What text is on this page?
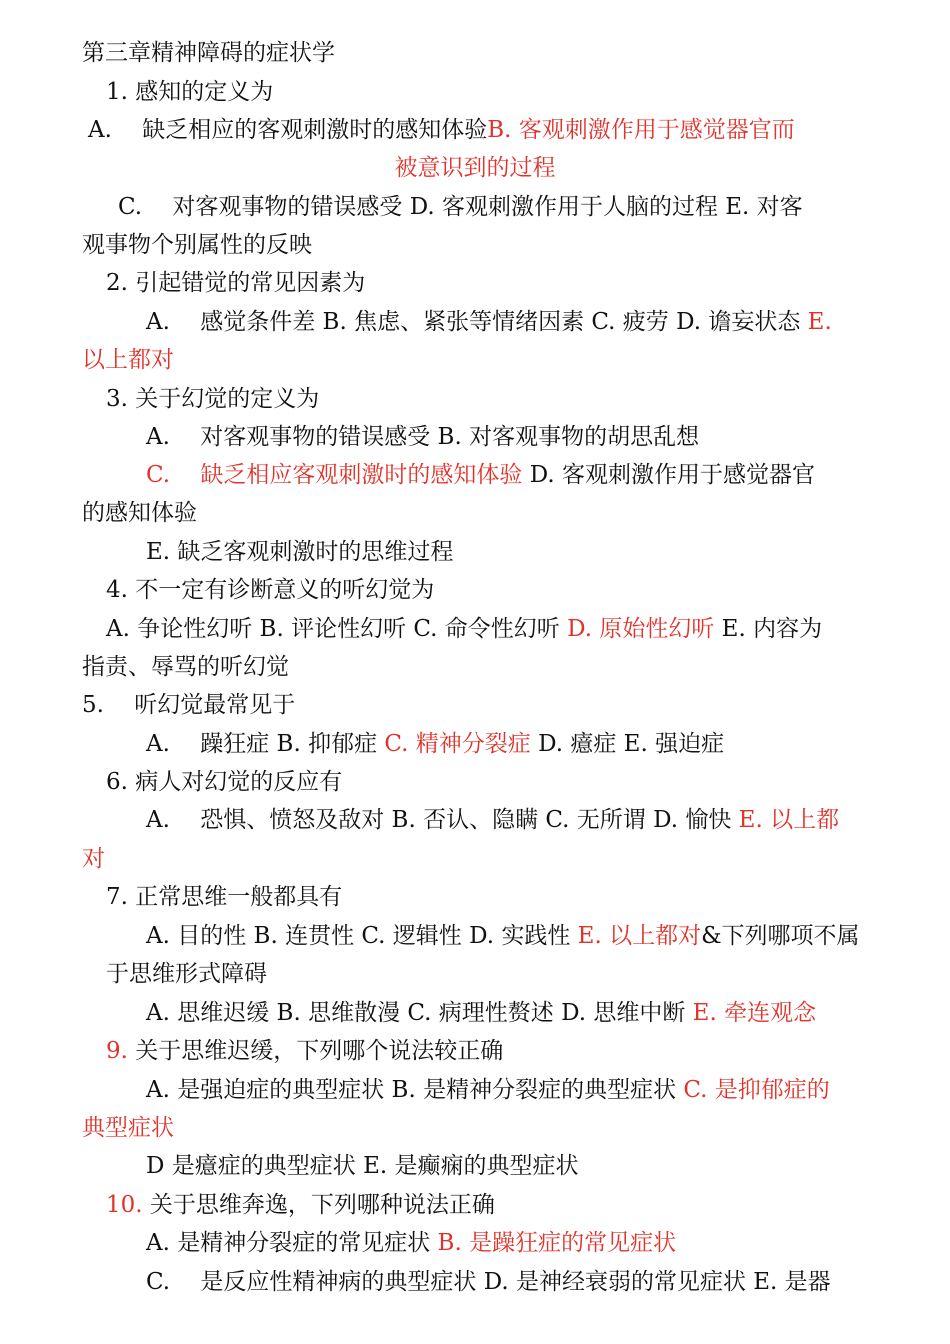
第三章精神障碍的症状学
1. 感知的定义为
A.　 缺乏相应的客观刺激时的感知体验B. 客观刺激作用于感觉器官而
被意识到的过程
C.　 对客观事物的错误感受 D. 客观刺激作用于人脑的过程 E. 对客
观事物个别属性的反映
2. 引起错觉的常见因素为
A.　 感觉条件差 B. 焦虑、紧张等情绪因素 C. 疲劳 D. 谵妄状态 E.
以上都对
3. 关于幻觉的定义为
A.　 对客观事物的错误感受 B. 对客观事物的胡思乱想
C.　 缺乏相应客观刺激时的感知体验 D. 客观刺激作用于感觉器官
的感知体验
E. 缺乏客观刺激时的思维过程
4. 不一定有诊断意义的听幻觉为
A. 争论性幻听 B. 评论性幻听 C. 命令性幻听 D. 原始性幻听 E. 内容为
指责、辱骂的听幻觉
5.　 听幻觉最常见于
A.　 躁狂症 B. 抑郁症 C. 精神分裂症 D. 癔症 E. 强迫症
6. 病人对幻觉的反应有
A.　 恐惧、愤怒及敌对 B. 否认、隐瞒 C. 无所谓 D. 愉快 E. 以上都
对
7. 正常思维一般都具有
A. 目的性 B. 连贯性 C. 逻辑性 D. 实践性 E. 以上都对&下列哪项不属
于思维形式障碍
A. 思维迟缓 B. 思维散漫 C. 病理性赘述 D. 思维中断 E. 牵连观念
9. 关于思维迟缓，下列哪个说法较正确
A. 是强迫症的典型症状 B. 是精神分裂症的典型症状 C. 是抑郁症的
典型症状
D 是癔症的典型症状 E. 是癫痫的典型症状
10. 关于思维奔逸，下列哪种说法正确
A. 是精神分裂症的常见症状 B. 是躁狂症的常见症状
C.　 是反应性精神病的典型症状 D. 是神经衰弱的常见症状 E. 是器
